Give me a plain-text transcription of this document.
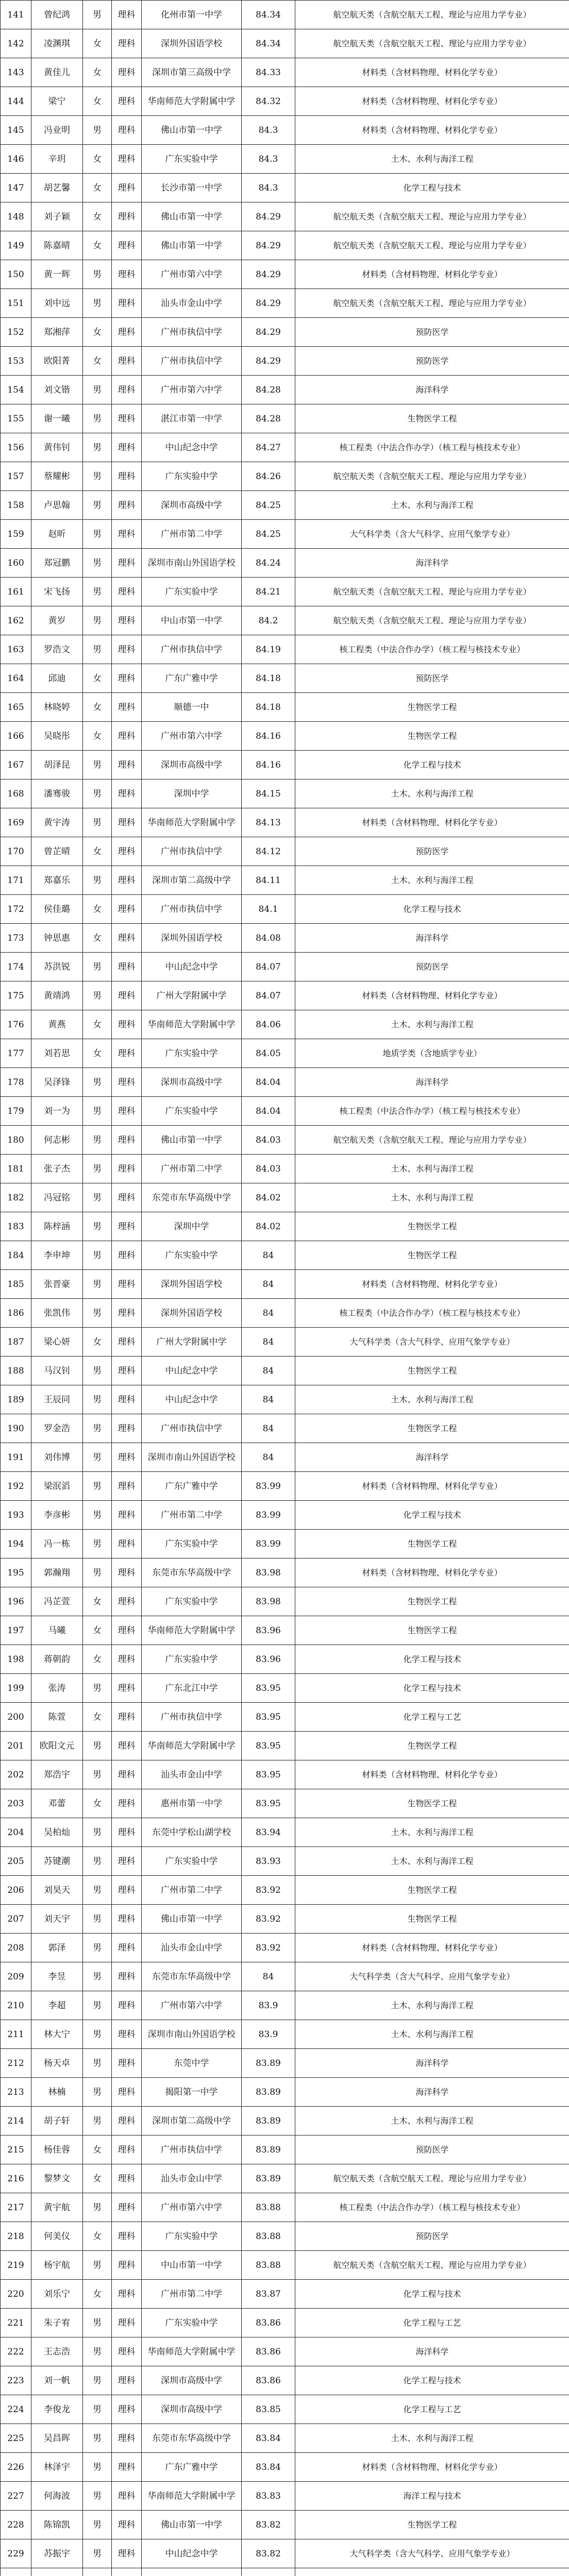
141	曾纪鸿	男	理科	化州市第一中学	84.34	航空航天类（含航空航天工程、理论与应用力学专业）
142	凌渊琪	女	理科	深圳外国语学校	84.34	航空航天类（含航空航天工程、理论与应用力学专业）
143	黄佳儿	女	理科	深圳市第三高级中学	84.33	材料类（含材料物理、材料化学专业）
144	梁宁	女	理科	华南师范大学附属中学	84.32	材料类（含材料物理、材料化学专业）
145	冯业明	男	理科	佛山市第一中学	84.3	材料类（含材料物理、材料化学专业）
146	辛玥	女	理科	广东实验中学	84.3	土木、水利与海洋工程
147	胡艺馨	女	理科	长沙市第一中学	84.3	化学工程与技术
148	刘子颖	女	理科	佛山市第一中学	84.29	航空航天类（含航空航天工程、理论与应用力学专业）
149	陈嘉晴	女	理科	佛山市第一中学	84.29	航空航天类（含航空航天工程、理论与应用力学专业）
150	黄一辉	男	理科	广州市第六中学	84.29	材料类（含材料物理、材料化学专业）
151	刘中远	男	理科	汕头市金山中学	84.29	航空航天类（含航空航天工程、理论与应用力学专业）
152	郑湘萍	女	理科	广州市执信中学	84.29	预防医学
153	欧阳菁	女	理科	广州市执信中学	84.29	预防医学
154	刘文锴	男	理科	广州市第六中学	84.28	海洋科学
155	谢一曦	男	理科	湛江市第一中学	84.28	生物医学工程
156	黄伟钊	男	理科	中山纪念中学	84.27	核工程类（中法合作办学）（核工程与核技术专业）
157	蔡耀彬	男	理科	广东实验中学	84.26	航空航天类（含航空航天工程、理论与应用力学专业）
158	卢思翰	男	理科	深圳市高级中学	84.25	土木、水利与海洋工程
159	赵昕	男	理科	广州市第二中学	84.25	大气科学类（含大气科学、应用气象学专业）
160	郑冠鹏	男	理科	深圳市南山外国语学校	84.24	海洋科学
161	宋飞扬	男	理科	广东实验中学	84.21	航空航天类（含航空航天工程、理论与应用力学专业）
162	黄岁	男	理科	中山市第一中学	84.2	航空航天类（含航空航天工程、理论与应用力学专业）
163	罗浩文	男	理科	广州市执信中学	84.19	核工程类（中法合作办学）（核工程与核技术专业）
164	邱迪	女	理科	广东广雅中学	84.18	预防医学
165	林晓婷	女	理科	顺德一中	84.18	生物医学工程
166	吴晓彤	女	理科	广州市第六中学	84.16	生物医学工程
167	胡泽昆	男	理科	深圳市高级中学	84.16	化学工程与技术
168	潘骞骏	男	理科	深圳中学	84.15	土木、水利与海洋工程
169	黄宇涛	男	理科	华南师范大学附属中学	84.13	材料类（含材料物理、材料化学专业）
170	曾芷晴	女	理科	广州市执信中学	84.12	预防医学
171	郑嘉乐	男	理科	深圳市第二高级中学	84.11	土木、水利与海洋工程
172	侯佳璐	女	理科	广州市执信中学	84.1	化学工程与技术
173	钟思惠	女	理科	深圳外国语学校	84.08	海洋科学
174	苏洪锐	男	理科	中山纪念中学	84.07	预防医学
175	黄靖鸿	男	理科	广州大学附属中学	84.07	材料类（含材料物理、材料化学专业）
176	黄燕	女	理科	华南师范大学附属中学	84.06	土木、水利与海洋工程
177	刘若思	女	理科	广东实验中学	84.05	地质学类（含地质学专业）
178	吴泽锋	男	理科	深圳市高级中学	84.04	海洋科学
179	刘一为	男	理科	广东实验中学	84.04	核工程类（中法合作办学）（核工程与核技术专业）
180	何志彬	男	理科	佛山市第一中学	84.03	航空航天类（含航空航天工程、理论与应用力学专业）
181	张子杰	男	理科	广州市第二中学	84.03	土木、水利与海洋工程
182	冯冠铭	男	理科	东莞市东华高级中学	84.02	土木、水利与海洋工程
183	陈梓涵	男	理科	深圳中学	84.02	生物医学工程
184	李申坤	男	理科	广东实验中学	84	生物医学工程
185	张晋豪	男	理科	深圳外国语学校	84	材料类（含材料物理、材料化学专业）
186	张凯伟	男	理科	深圳外国语学校	84	核工程类（中法合作办学）（核工程与核技术专业）
187	梁心妍	女	理科	广州大学附属中学	84	大气科学类（含大气科学、应用气象学专业）
188	马汉钊	男	理科	中山纪念中学	84	生物医学工程
189	王辰同	男	理科	中山纪念中学	84	土木、水利与海洋工程
190	罗金浩	男	理科	广州市执信中学	84	生物医学工程
191	刘伟博	男	理科	深圳市南山外国语学校	84	海洋科学
192	梁泯滔	男	理科	广东广雅中学	83.99	材料类（含材料物理、材料化学专业）
193	李彦彬	男	理科	广州市第二中学	83.99	化学工程与技术
194	冯一栋	男	理科	广东实验中学	83.99	生物医学工程
195	郭瀚翔	男	理科	东莞市东华高级中学	83.98	材料类（含材料物理、材料化学专业）
196	冯芷萱	女	理科	广东实验中学	83.98	生物医学工程
197	马曦	女	理科	华南师范大学附属中学	83.96	生物医学工程
198	蒋朝韵	女	理科	广东实验中学	83.96	化学工程与技术
199	张涛	男	理科	广东北江中学	83.95	化学工程与技术
200	陈萱	女	理科	广州市执信中学	83.95	化学工程与工艺
201	欧阳文元	男	理科	华南师范大学附属中学	83.95	生物医学工程
202	郑浩宇	男	理科	汕头市金山中学	83.95	材料类（含材料物理、材料化学专业）
203	邓蕾	女	理科	惠州市第一中学	83.95	生物医学工程
204	吴柏灿	男	理科	东莞中学松山湖学校	83.94	土木、水利与海洋工程
205	苏键潮	男	理科	广东实验中学	83.93	土木、水利与海洋工程
206	刘昊天	男	理科	广州市第二中学	83.92	生物医学工程
207	刘天宇	男	理科	佛山市第一中学	83.92	生物医学工程
208	郭泽	男	理科	汕头市金山中学	83.92	材料类（含材料物理、材料化学专业）
209	李昱	男	理科	东莞市东华高级中学	84	大气科学类（含大气科学、应用气象学专业）
210	李超	男	理科	广州市第六中学	83.9	土木、水利与海洋工程
211	林大宁	男	理科	深圳市南山外国语学校	83.9	土木、水利与海洋工程
212	杨天卓	男	理科	东莞中学	83.89	海洋科学
213	林楠	男	理科	揭阳第一中学	83.89	海洋科学
214	胡子轩	男	理科	深圳市第二高级中学	83.89	土木、水利与海洋工程
215	杨佳蓉	女	理科	广州市执信中学	83.89	预防医学
216	黎梦文	女	理科	汕头市金山中学	83.89	航空航天类（含航空航天工程、理论与应用力学专业）
217	黄宇航	男	理科	广州市第六中学	83.88	核工程类（中法合作办学）（核工程与核技术专业）
218	何美仪	女	理科	广东实验中学	83.88	预防医学
219	杨宇航	男	理科	中山市第一中学	83.88	航空航天类（含航空航天工程、理论与应用力学专业）
220	刘乐宁	女	理科	广州市第二中学	83.87	化学工程与技术
221	朱子宥	男	理科	广东实验中学	83.86	化学工程与工艺
222	王志浩	男	理科	华南师范大学附属中学	83.86	海洋科学
223	刘一帆	男	理科	深圳市高级中学	83.86	化学工程与技术
224	李俊龙	男	理科	深圳市高级中学	83.85	化学工程与工艺
225	吴昌晖	男	理科	东莞市东华高级中学	83.84	土木、水利与海洋工程
226	林泽宇	男	理科	广东广雅中学	83.84	材料类（含材料物理、材料化学专业）
227	何海波	男	理科	华南师范大学附属中学	83.83	海洋工程与技术
228	陈锦凯	男	理科	佛山市第一中学	83.82	生物医学工程
229	苏振宇	男	理科	中山纪念中学	83.82	大气科学类（含大气科学、应用气象学专业）
